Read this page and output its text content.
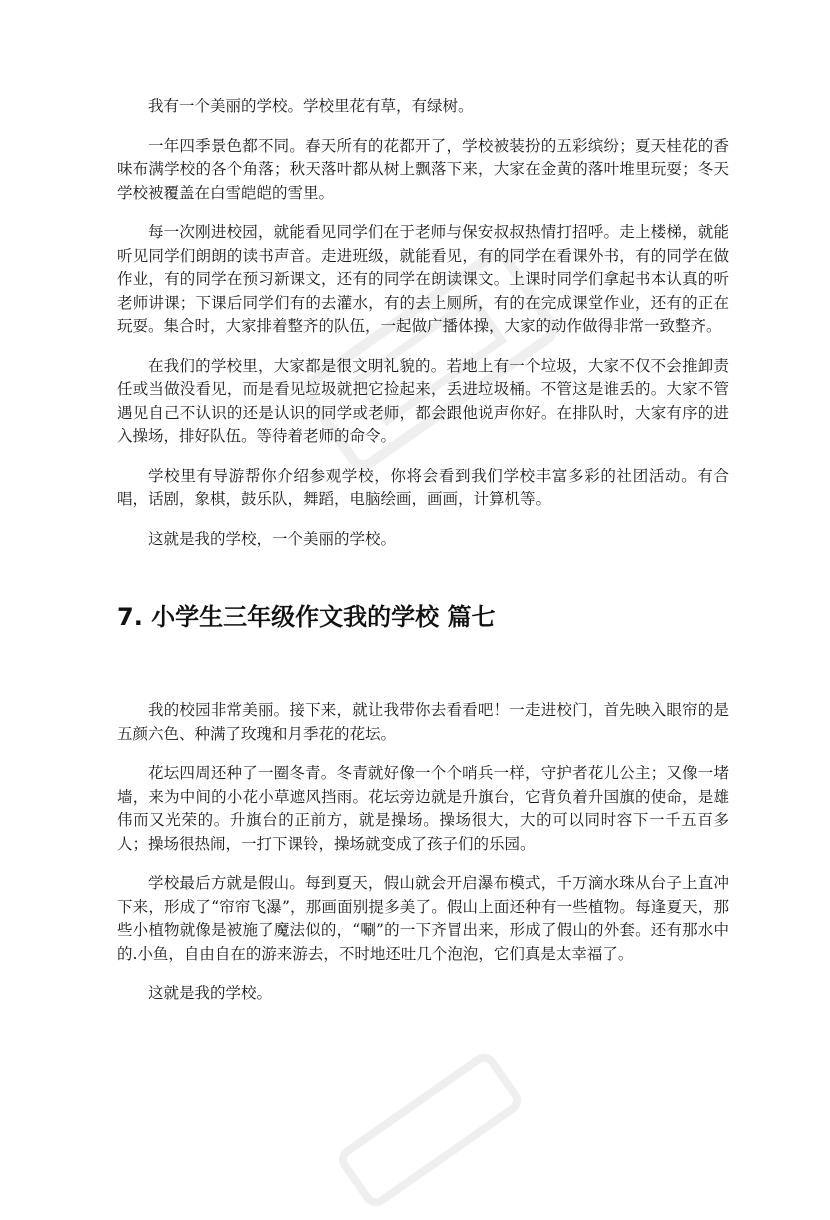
我有一个美丽的学校。学校里花有草，有绿树。

一年四季景色都不同。春天所有的花都开了，学校被装扮的五彩缤纷；夏天桂花的香味布满学校的各个角落；秋天落叶都从树上飘落下来，大家在金黄的落叶堆里玩耍；冬天学校被覆盖在白雪皑皑的雪里。

每一次刚进校园，就能看见同学们在于老师与保安叔叔热情打招呼。走上楼梯，就能听见同学们朗朗的读书声音。走进班级，就能看见，有的同学在看课外书，有的同学在做作业，有的同学在预习新课文，还有的同学在朗读课文。上课时同学们拿起书本认真的听老师讲课；下课后同学们有的去灌水，有的去上厕所，有的在完成课堂作业，还有的正在玩耍。集合时，大家排着整齐的队伍，一起做广播体操，大家的动作做得非常一致整齐。

在我们的学校里，大家都是很文明礼貌的。若地上有一个垃圾，大家不仅不会推卸责任或当做没看见，而是看见垃圾就把它捡起来，丢进垃圾桶。不管这是谁丢的。大家不管遇见自己不认识的还是认识的同学或老师，都会跟他说声你好。在排队时，大家有序的进入操场，排好队伍。等待着老师的命令。

学校里有导游帮你介绍参观学校，你将会看到我们学校丰富多彩的社团活动。有合唱，话剧，象棋，鼓乐队，舞蹈，电脑绘画，画画，计算机等。

这就是我的学校，一个美丽的学校。

7. 小学生三年级作文我的学校 篇七

我的校园非常美丽。接下来，就让我带你去看看吧！一走进校门，首先映入眼帘的是五颜六色、种满了玫瑰和月季花的花坛。

花坛四周还种了一圈冬青。冬青就好像一个个哨兵一样，守护者花儿公主；又像一堵墙，来为中间的小花小草遮风挡雨。花坛旁边就是升旗台，它背负着升国旗的使命，是雄伟而又光荣的。升旗台的正前方，就是操场。操场很大，大的可以同时容下一千五百多人；操场很热闹，一打下课铃，操场就变成了孩子们的乐园。

学校最后方就是假山。每到夏天，假山就会开启瀑布模式，千万滴水珠从台子上直冲下来，形成了“帘帘飞瀑”，那画面别提多美了。假山上面还种有一些植物。每逢夏天，那些小植物就像是被施了魔法似的，“唰”的一下齐冒出来，形成了假山的外套。还有那水中的.小鱼，自由自在的游来游去，不时地还吐几个泡泡，它们真是太幸福了。

这就是我的学校。
